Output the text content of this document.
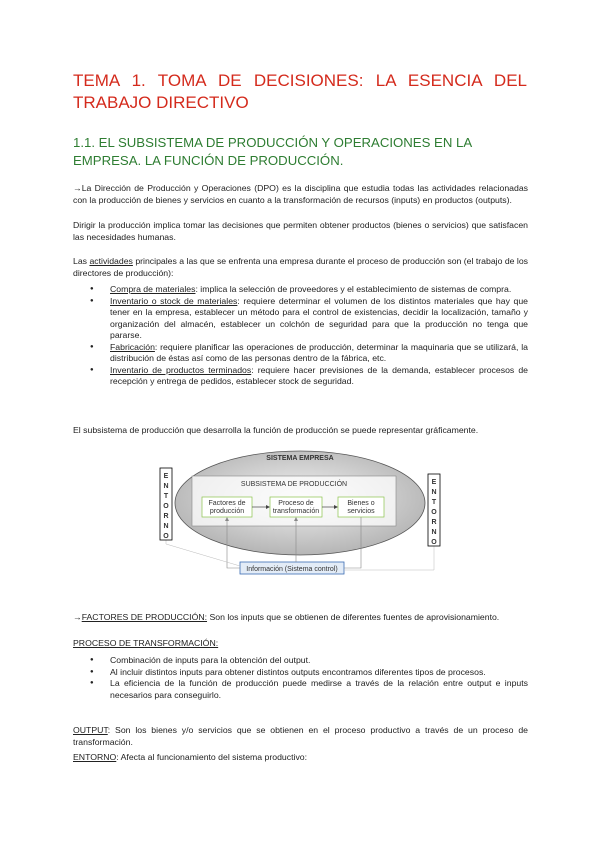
TEMA 1. TOMA DE DECISIONES: LA ESENCIA DEL TRABAJO DIRECTIVO
1.1. EL SUBSISTEMA DE PRODUCCIÓN Y OPERACIONES EN LA EMPRESA. LA FUNCIÓN DE PRODUCCIÓN.

→La Dirección de Producción y Operaciones (DPO) es la disciplina que estudia todas las actividades relacionadas con la producción de bienes y servicios en cuanto a la transformación de recursos (inputs) en productos (outputs).

Dirigir la producción implica tomar las decisiones que permiten obtener productos (bienes o servicios) que satisfacen las necesidades humanas.

Las actividades principales a las que se enfrenta una empresa durante el proceso de producción son (el trabajo de los directores de producción):

● Compra de materiales: implica la selección de proveedores y el establecimiento de sistemas de compra.
● Inventario o stock de materiales: requiere determinar el volumen de los distintos materiales que hay que tener en la empresa, establecer un método para el control de existencias, decidir la localización, tamaño y organización del almacén, establecer un colchón de seguridad para que la producción no tenga que pararse.
● Fabricación: requiere planificar las operaciones de producción, determinar la maquinaria que se utilizará, la distribución de éstas así como de las personas dentro de la fábrica, etc.
● Inventario de productos terminados: requiere hacer previsiones de la demanda, establecer procesos de recepción y entrega de pedidos, establecer stock de seguridad.

El subsistema de producción que desarrolla la función de producción se puede representar gráficamente.

SISTEMA EMPRESA
SUBSISTEMA DE PRODUCCIÓN
Factores de
producción
Proceso de
transformación
Bienes o
servicios
Información (Sistema control)
E
N
T
O
R
N
O
E
N
T
O
R
N
O

→FACTORES DE PRODUCCIÓN: Son los inputs que se obtienen de diferentes fuentes de aprovisionamiento.

PROCESO DE TRANSFORMACIÓN:

● Combinación de inputs para la obtención del output.
● Al incluir distintos inputs para obtener distintos outputs encontramos diferentes tipos de procesos.
● La eficiencia de la función de producción puede medirse a través de la relación entre output e inputs necesarios para conseguirlo.

OUTPUT: Son los bienes y/o servicios que se obtienen en el proceso productivo a través de un proceso de transformación.

ENTORNO: Afecta al funcionamiento del sistema productivo:
